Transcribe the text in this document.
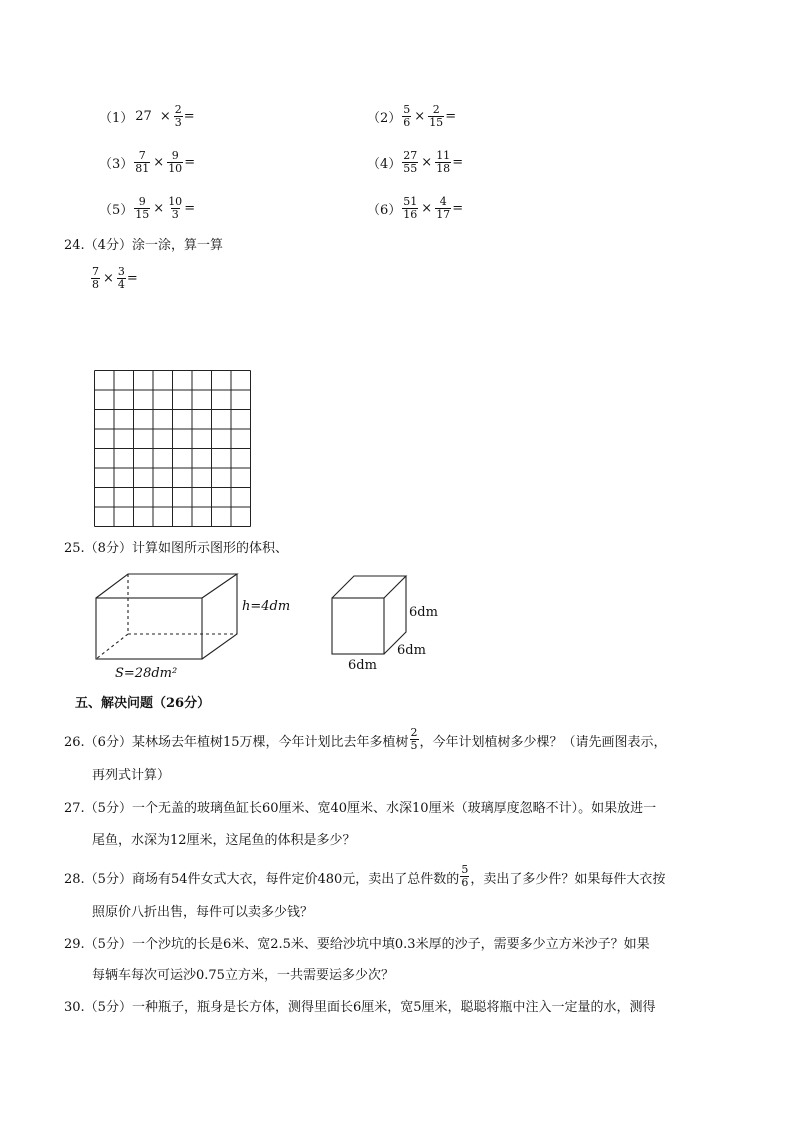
（1） $27 \times \frac{2}{3}$ =	$(2) \frac{5}{6} \times \frac{2}{15}$ =
$(3) \frac{7}{81} \times \frac{9}{10}$ =	$(4) \frac{27}{55} \times \frac{11}{18}$ =
$(5) \frac{9}{15} \times \frac{10}{3}$ =	$(6) \frac{51}{16} \times \frac{4}{17}$ =
24.（4分）涂一涂，算一算
$\frac{7}{8} \times \frac{3}{4}$ =
25.（8分）计算如图所示图形的体积、
h=4dm
S=28dm²
6dm
6dm
6dm
五、解决问题（26分）
26.（6分）某林场去年植树15万棵，今年计划比去年多植树 $\frac{2}{5}$ ，今年计划植树多少棵？（请先画图表示，
再列式计算）
27.（5分）一个无盖的玻璃鱼缸长60厘米、宽40厘米、水深10厘米（玻璃厚度忽略不计）。如果放进一
尾鱼，水深为12厘米，这尾鱼的体积是多少？
28.（5分）商场有54件女式大衣，每件定价480元，卖出了总件数的 $\frac{5}{6}$ ，卖出了多少件？如果每件大衣按
照原价八折出售，每件可以卖多少钱？
29.（5分）一个沙坑的长是6米、宽2.5米、要给沙坑中填0.3米厚的沙子，需要多少立方米沙子？如果
每辆车每次可运沙0.75立方米，一共需要运多少次？
30.（5分）一种瓶子，瓶身是长方体，测得里面长6厘米，宽5厘米，聪聪将瓶中注入一定量的水，测得
